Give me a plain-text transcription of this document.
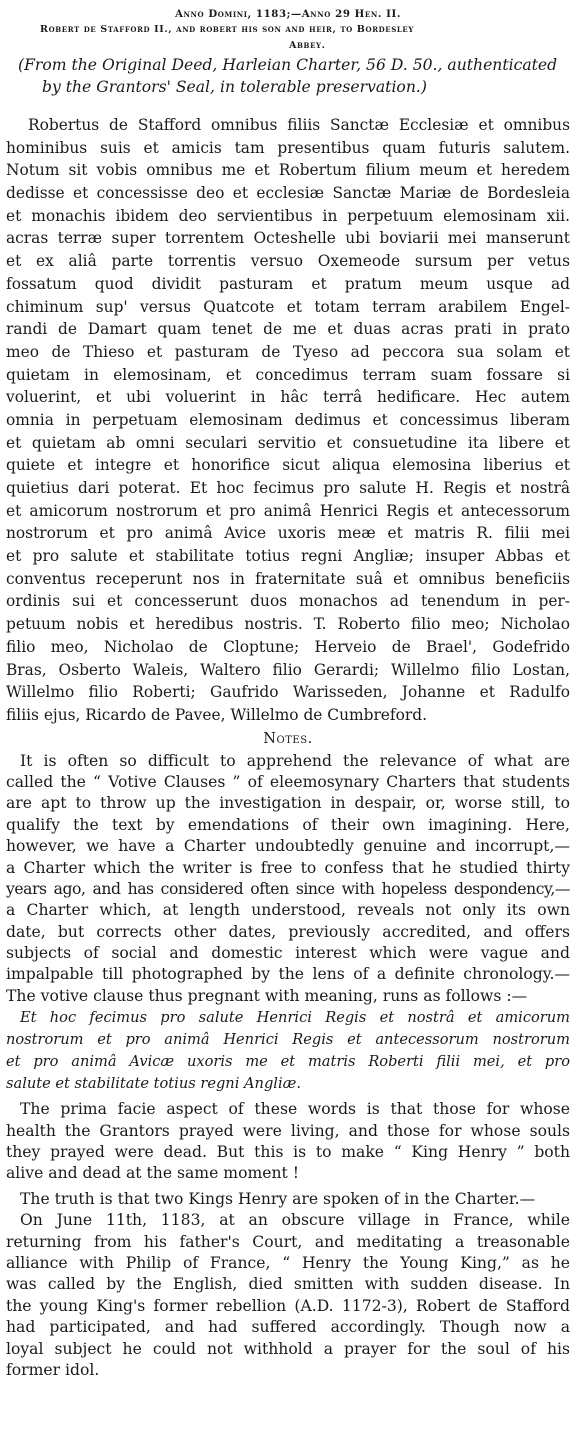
Anno Domini, 1183;—Anno 29 Hen. II.
Robert de Stafford II., and robert his son and heir, to Bordesley
Abbey.

(From the Original Deed, Harleian Charter, 56 D. 50., authenticated

by the Grantors' Seal, in tolerable preservation.)

Robertus de Stafford omnibus filiis Sanctæ Ecclesiæ et omnibus
hominibus suis et amicis tam presentibus quam futuris salutem.
Notum sit vobis omnibus me et Robertum filium meum et heredem
dedisse et concessisse deo et ecclesiæ Sanctæ Mariæ de Bordesleia
et monachis ibidem deo servientibus in perpetuum elemosinam xii.
acras terræ super torrentem Octeshelle ubi boviarii mei manserunt
et ex aliâ parte torrentis versuo Oxemeode sursum per vetus
fossatum quod dividit pasturam et pratum meum usque ad
chiminum sup' versus Quatcote et totam terram arabilem Engel-
randi de Damart quam tenet de me et duas acras prati in prato
meo de Thieso et pasturam de Tyeso ad peccora sua solam et
quietam in elemosinam, et concedimus terram suam fossare si
voluerint, et ubi voluerint in hâc terrâ hedificare. Hec autem
omnia in perpetuam elemosinam dedimus et concessimus liberam
et quietam ab omni seculari servitio et consuetudine ita libere et
quiete et integre et honorifice sicut aliqua elemosina liberius et
quietius dari poterat. Et hoc fecimus pro salute H. Regis et nostrâ
et amicorum nostrorum et pro animâ Henrici Regis et antecessorum
nostrorum et pro animâ Avice uxoris meæ et matris R. filii mei
et pro salute et stabilitate totius regni Angliæ; insuper Abbas et
conventus receperunt nos in fraternitate suâ et omnibus beneficiis
ordinis sui et concesserunt duos monachos ad tenendum in per-
petuum nobis et heredibus nostris. T. Roberto filio meo; Nicholao
filio meo, Nicholao de Cloptune; Herveio de Brael', Godefrido
Bras, Osberto Waleis, Waltero filio Gerardi; Willelmo filio Lostan,
Willelmo filio Roberti; Gaufrido Warisseden, Johanne et Radulfo
filiis ejus, Ricardo de Pavee, Willelmo de Cumbreford.
Notes.
It is often so difficult to apprehend the relevance of what are
called the “ Votive Clauses ” of eleemosynary Charters that students
are apt to throw up the investigation in despair, or, worse still, to
qualify the text by emendations of their own imagining. Here,
however, we have a Charter undoubtedly genuine and incorrupt,—
a Charter which the writer is free to confess that he studied thirty
years ago, and has considered often since with hopeless despondency,—
a Charter which, at length understood, reveals not only its own
date, but corrects other dates, previously accredited, and offers
subjects of social and domestic interest which were vague and
impalpable till photographed by the lens of a definite chronology.—
The votive clause thus pregnant with meaning, runs as follows :—
Et hoc fecimus pro salute Henrici Regis et nostrâ et amicorum
nostrorum et pro animâ Henrici Regis et antecessorum nostrorum
et pro animâ Avicæ uxoris me et matris Roberti filii mei, et pro
salute et stabilitate totius regni Angliæ.
The prima facie aspect of these words is that those for whose
health the Grantors prayed were living, and those for whose souls
they prayed were dead. But this is to make “ King Henry ” both
alive and dead at the same moment !
The truth is that two Kings Henry are spoken of in the Charter.—
On June 11th, 1183, at an obscure village in France, while
returning from his father's Court, and meditating a treasonable
alliance with Philip of France, “ Henry the Young King,” as he
was called by the English, died smitten with sudden disease. In
the young King's former rebellion (A.D. 1172-3), Robert de Stafford
had participated, and had suffered accordingly. Though now a
loyal subject he could not withhold a prayer for the soul of his
former idol.
